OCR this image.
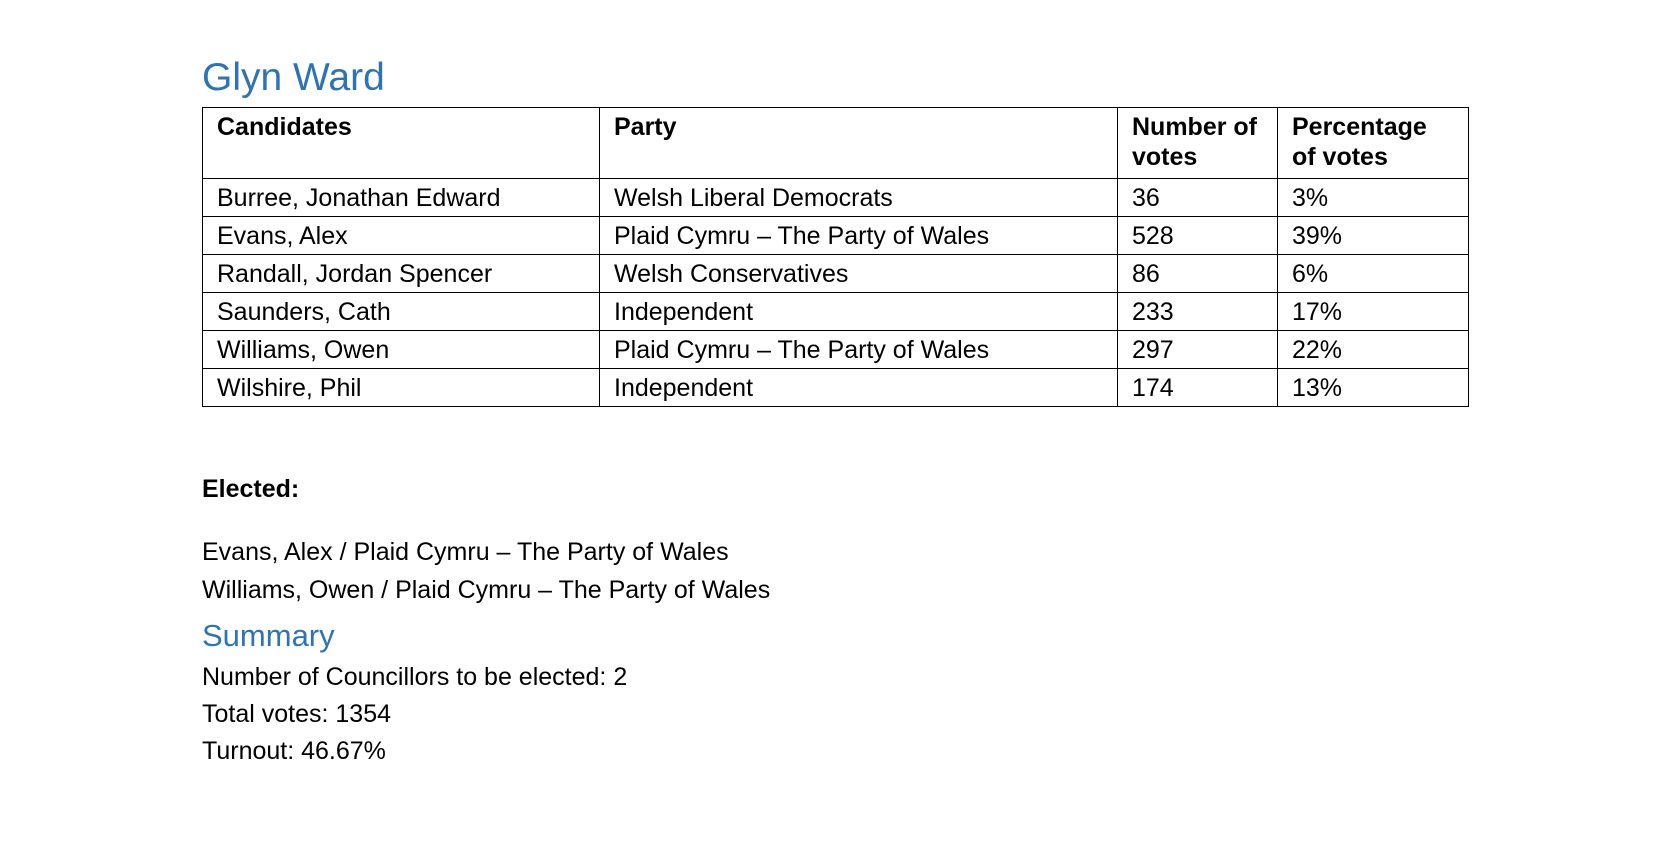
Glyn Ward
Candidates	Party	Number of votes	Percentage of votes
Burree, Jonathan Edward	Welsh Liberal Democrats	36	3%
Evans, Alex	Plaid Cymru – The Party of Wales	528	39%
Randall, Jordan Spencer	Welsh Conservatives	86	6%
Saunders, Cath	Independent	233	17%
Williams, Owen	Plaid Cymru – The Party of Wales	297	22%
Wilshire, Phil	Independent	174	13%

Elected:

Evans, Alex / Plaid Cymru – The Party of Wales
Williams, Owen / Plaid Cymru – The Party of Wales
Summary

Number of Councillors to be elected: 2

Total votes: 1354

Turnout: 46.67%
